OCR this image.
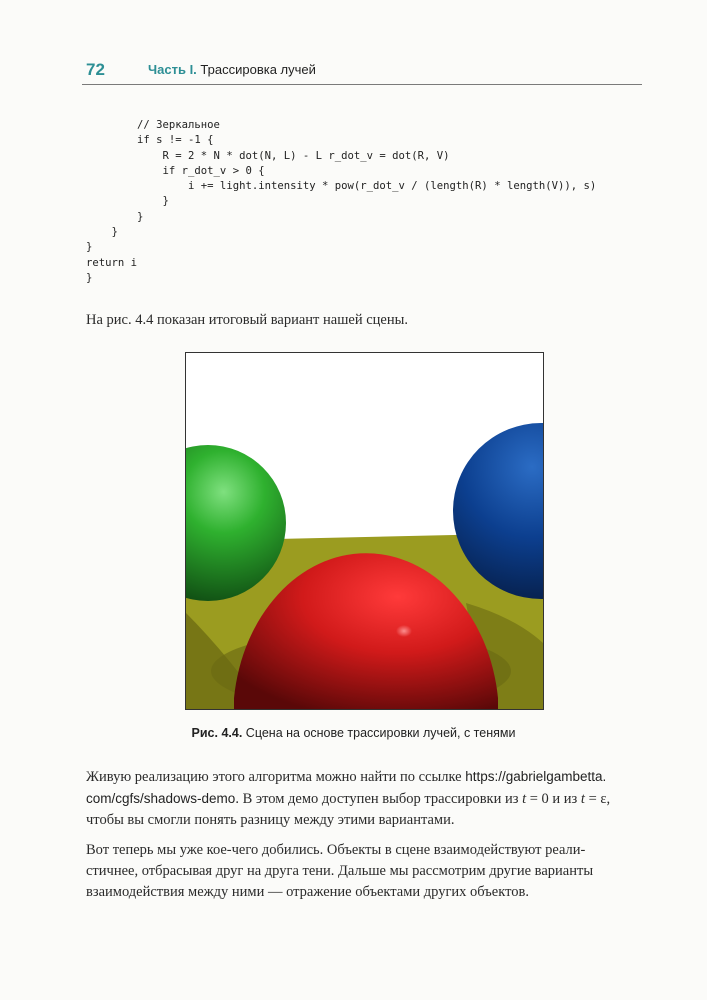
72	Часть I. Трассировка лучей
// Зеркальное
if s != -1 {
R = 2 * N * dot(N, L) - L r_dot_v = dot(R, V)
if r_dot_v > 0 {
i += light.intensity * pow(r_dot_v / (length(R) * length(V)), s)
}
}
}
}
return i
}

На рис. 4.4 показан итоговый вариант нашей сцены.

Рис. 4.4. Сцена на основе трассировки лучей, с тенями

Живую реализацию этого алгоритма можно найти по ссылке https://gabrielgambetta.
com/cgfs/shadows-demo. В этом демо доступен выбор трассировки из t = 0 и из t = ε,
чтобы вы смогли понять разницу между этими вариантами.

Вот теперь мы уже кое-чего добились. Объекты в сцене взаимодействуют реали-
стичнее, отбрасывая друг на друга тени. Дальше мы рассмотрим другие варианты
взаимодействия между ними — отражение объектами других объектов.
